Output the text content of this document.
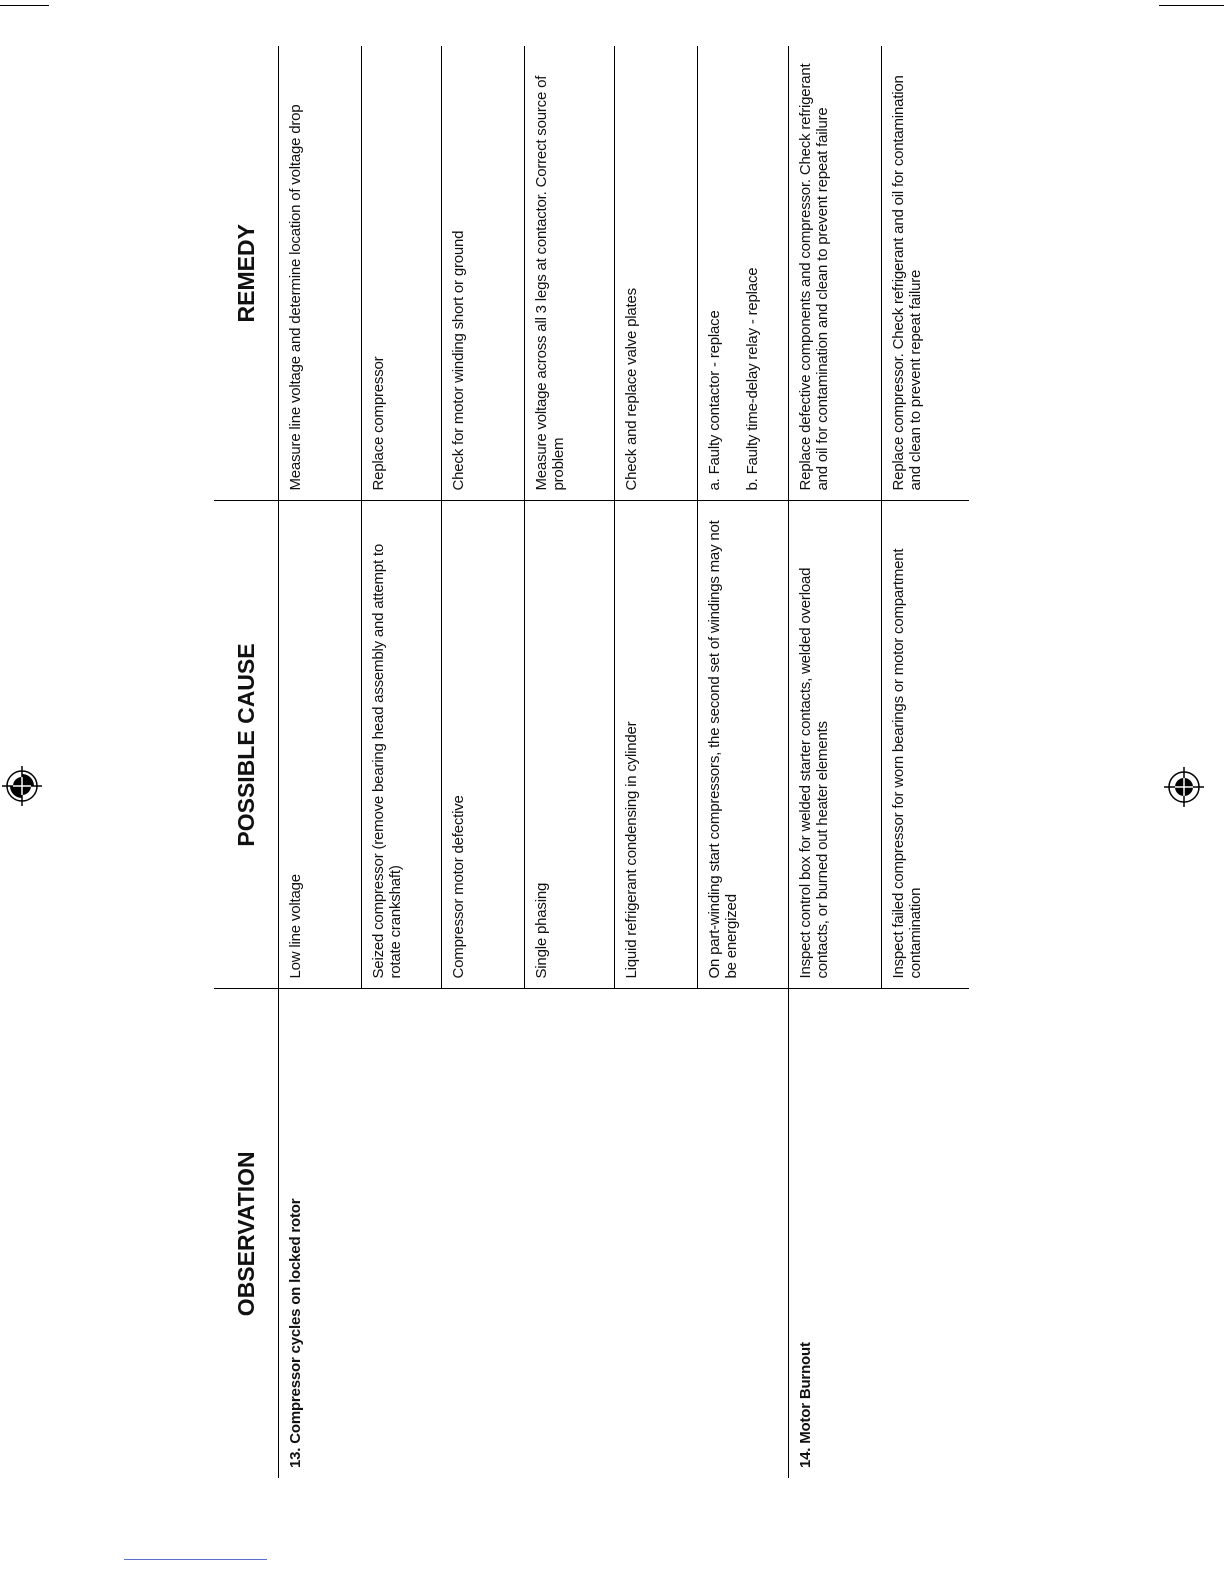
OBSERVATION	POSSIBLE CAUSE	REMEDY
13. Compressor cycles on locked rotor	Low line voltage	Measure line voltage and determine location of voltage drop
	Seized compressor (remove bearing head assembly and attempt to rotate crankshaft)	Replace compressor
	Compressor motor defective	Check for motor winding short or ground
	Single phasing	Measure voltage across all 3 legs at contactor. Correct source of problem
	Liquid refrigerant condensing in cylinder	Check and replace valve plates
	On part-winding start compressors, the second set of windings may not be energized	a. Faulty contactor - replace b. Faulty time-delay relay - replace

14. Motor Burnout	Inspect control box for welded starter contacts, welded overload contacts, or burned out heater elements	Replace defective components and compressor. Check refrigerant and oil for contamination and clean to prevent repeat failure
	Inspect failed compressor for worn bearings or motor compartment contamination	Replace compressor. Check refrigerant and oil for contamination and clean to prevent repeat failure
